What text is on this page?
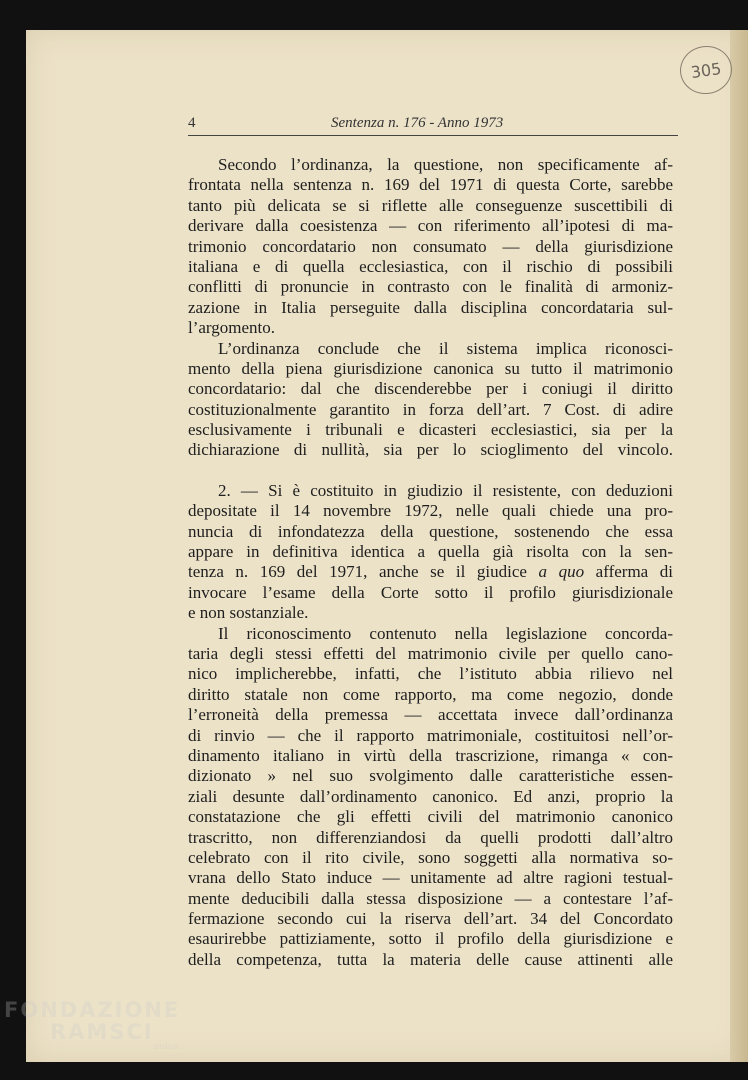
305
4	Sentenza n. 176 - Anno 1973
Secondo l’ordinanza, la questione, non specificamente af-
frontata nella sentenza n. 169 del 1971 di questa Corte, sarebbe
tanto più delicata se si riflette alle conseguenze suscettibili di
derivare dalla coesistenza — con riferimento all’ipotesi di ma-
trimonio concordatario non consumato — della giurisdizione
italiana e di quella ecclesiastica, con il rischio di possibili
conflitti di pronuncie in contrasto con le finalità di armoniz-
zazione in Italia perseguite dalla disciplina concordataria sul-
l’argomento.
L’ordinanza conclude che il sistema implica riconosci-
mento della piena giurisdizione canonica su tutto il matrimonio
concordatario: dal che discenderebbe per i coniugi il diritto
costituzionalmente garantito in forza dell’art. 7 Cost. di adire
esclusivamente i tribunali e dicasteri ecclesiastici, sia per la
dichiarazione di nullità, sia per lo scioglimento del vincolo.
2. — Si è costituito in giudizio il resistente, con deduzioni
depositate il 14 novembre 1972, nelle quali chiede una pro-
nuncia di infondatezza della questione, sostenendo che essa
appare in definitiva identica a quella già risolta con la sen-
tenza n. 169 del 1971, anche se il giudice a quo afferma di
invocare l’esame della Corte sotto il profilo giurisdizionale
e non sostanziale.
Il riconoscimento contenuto nella legislazione concorda-
taria degli stessi effetti del matrimonio civile per quello cano-
nico implicherebbe, infatti, che l’istituto abbia rilievo nel
diritto statale non come rapporto, ma come negozio, donde
l’erroneità della premessa — accettata invece dall’ordinanza
di rinvio — che il rapporto matrimoniale, costituitosi nell’or-
dinamento italiano in virtù della trascrizione, rimanga « con-
dizionato » nel suo svolgimento dalle caratteristiche essen-
ziali desunte dall’ordinamento canonico. Ed anzi, proprio la
constatazione che gli effetti civili del matrimonio canonico
trascritto, non differenziandosi da quelli prodotti dall’altro
celebrato con il rito civile, sono soggetti alla normativa so-
vrana dello Stato induce — unitamente ad altre ragioni testual-
mente deducibili dalla stessa disposizione — a contestare l’af-
fermazione secondo cui la riserva dell’art. 34 del Concordato
esaurirebbe pattiziamente, sotto il profilo della giurisdizione e
della competenza, tutta la materia delle cause attinenti alle
FONDAZIONE
RAMSCI
onlus
